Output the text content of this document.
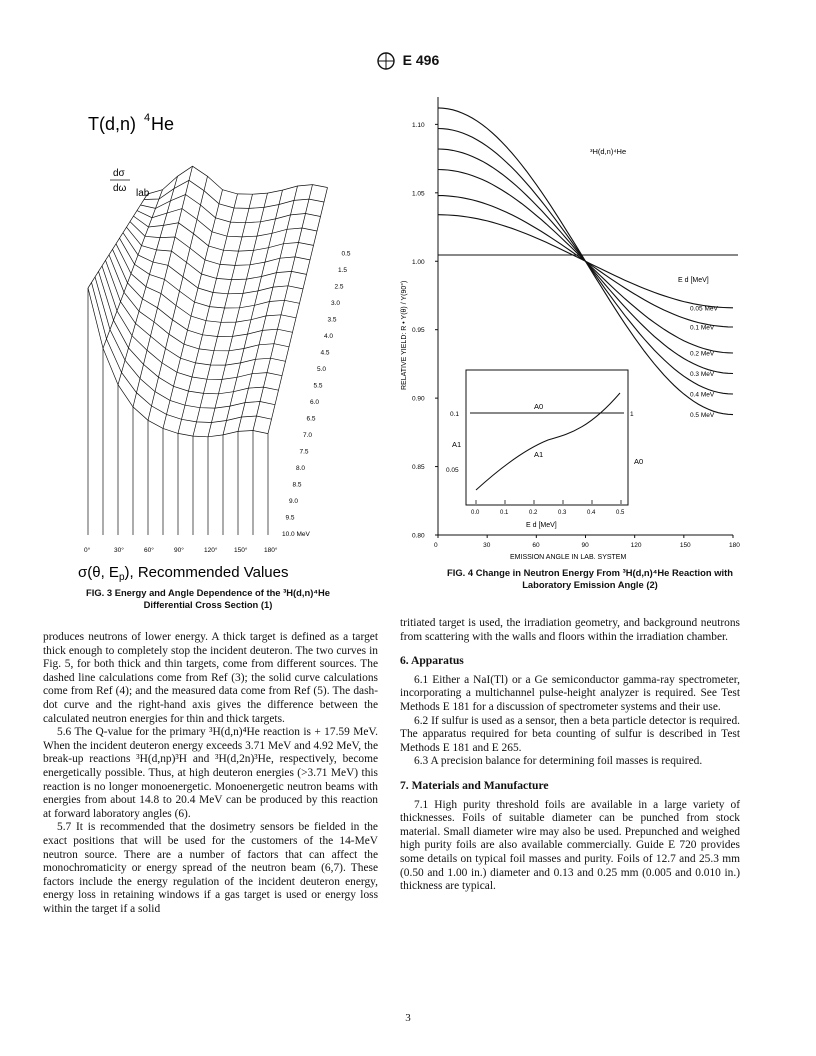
E 496
T(d,n) 4 He
dσ
dω lab
10.0 MeV
9.5
9.0
8.5
8.0
7.5
7.0
6.5
6.0
5.5
5.0
4.5
4.0
3.5
3.0
2.5
1.5
0.5
0°	30°	60°	90°	120°	150°	180°
σ(θ, $E_p$), Recommended Values
FIG. 3 Energy and Angle Dependence of the ³H(d,n)⁴He
Differential Cross Section (1)
1.10
1.05
1.00
0.95
0.90
0.85
0.80
0	30	60	90	120	150	180
0.05 MeV
0.1 MeV
0.2 MeV
0.3 MeV
0.4 MeV
0.5 MeV
³H(d,n)⁴He
E d [MeV]
EMISSION ANGLE IN LAB. SYSTEM
RELATIVE YIELD: R • Y(θ) / Y(90°)
A0
A1
A1
A0
0.1
0.05
1
0.0	0.1	0.2	0.3	0.4	0.5
E d [MeV]
FIG. 4 Change in Neutron Energy From ³H(d,n)⁴He Reaction with
Laboratory Emission Angle (2)

produces neutrons of lower energy. A thick target is defined as a target thick enough to completely stop the incident deuteron. The two curves in Fig. 5, for both thick and thin targets, come from different sources. The dashed line calculations come from Ref (3); the solid curve calculations come from Ref (4); and the measured data come from Ref (5). The dash-dot curve and the right-hand axis gives the difference between the calculated neutron energies for thin and thick targets.

5.6 The Q-value for the primary ³H(d,n)⁴He reaction is + 17.59 MeV. When the incident deuteron energy exceeds 3.71 MeV and 4.92 MeV, the break-up reactions ³H(d,np)³H and ³H(d,2n)³He, respectively, become energetically possible. Thus, at high deuteron energies (>3.71 MeV) this reaction is no longer monoenergetic. Monoenergetic neutron beams with energies from about 14.8 to 20.4 MeV can be produced by this reaction at forward laboratory angles (6).

5.7 It is recommended that the dosimetry sensors be fielded in the exact positions that will be used for the customers of the 14-MeV neutron source. There are a number of factors that can affect the monochromaticity or energy spread of the neutron beam (6,7). These factors include the energy regulation of the incident deuteron energy, energy loss in retaining windows if a gas target is used or energy loss within the target if a solid

tritiated target is used, the irradiation geometry, and background neutrons from scattering with the walls and floors within the irradiation chamber.

6. Apparatus

6.1 Either a NaI(Tl) or a Ge semiconductor gamma-ray spectrometer, incorporating a multichannel pulse-height analyzer is required. See Test Methods E 181 for a discussion of spectrometer systems and their use.

6.2 If sulfur is used as a sensor, then a beta particle detector is required. The apparatus required for beta counting of sulfur is described in Test Methods E 181 and E 265.

6.3 A precision balance for determining foil masses is required.

7. Materials and Manufacture

7.1 High purity threshold foils are available in a large variety of thicknesses. Foils of suitable diameter can be punched from stock material. Small diameter wire may also be used. Prepunched and weighed high purity foils are also available commercially. Guide E 720 provides some details on typical foil masses and purity. Foils of 12.7 and 25.3 mm (0.50 and 1.00 in.) diameter and 0.13 and 0.25 mm (0.005 and 0.010 in.) thickness are typical.

3
